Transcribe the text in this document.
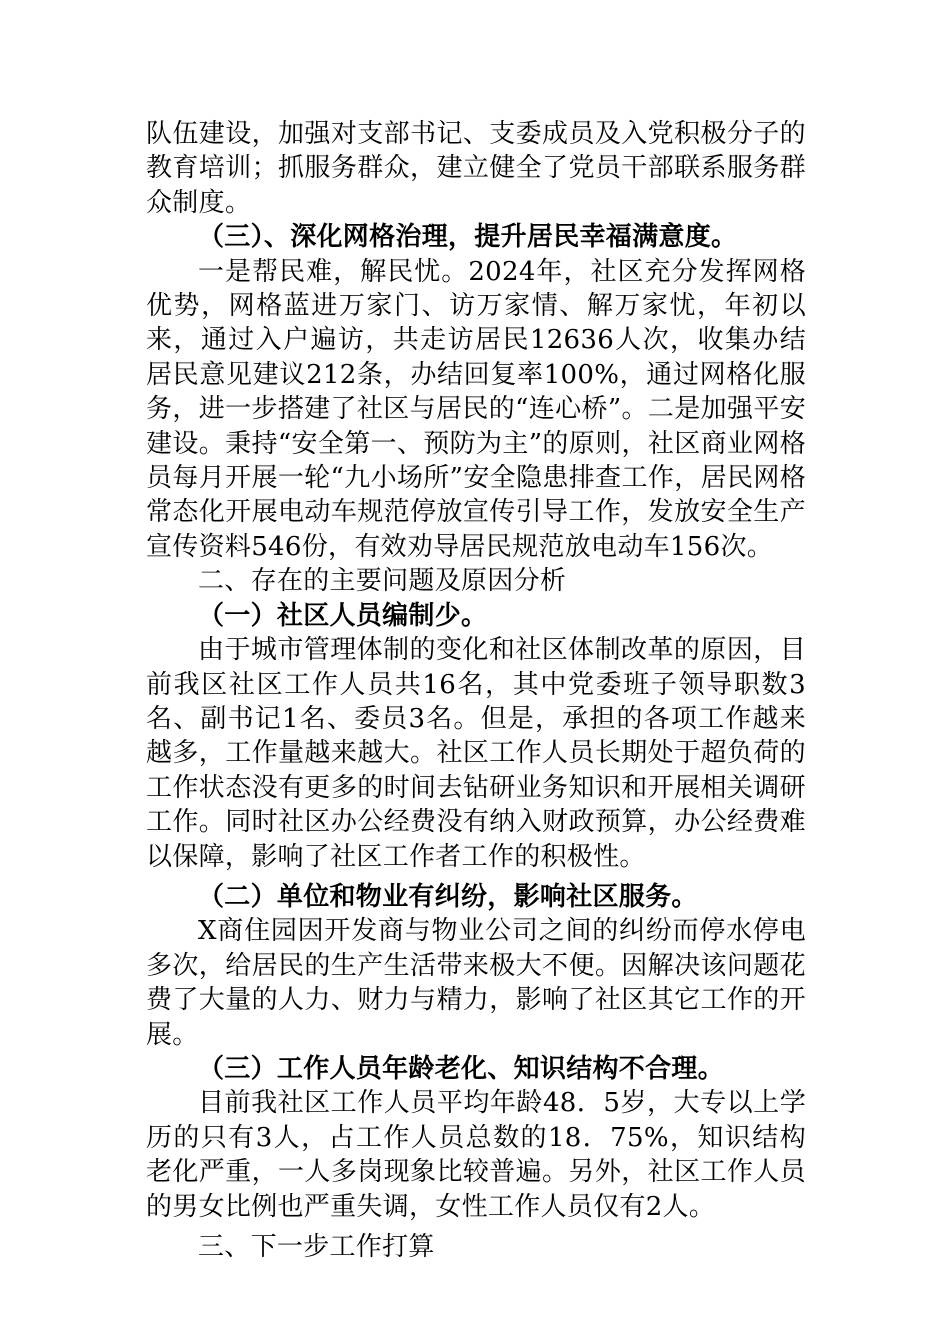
队伍建设，加强对支部书记、支委成员及入党积极分子的教育培训；抓服务群众，建立健全了党员干部联系服务群众制度。

（三）、深化网格治理，提升居民幸福满意度。

一是帮民难，解民忧。2024年，社区充分发挥网格优势，网格蓝进万家门、访万家情、解万家忧，年初以来，通过入户遍访，共走访居民12636人次，收集办结居民意见建议212条，办结回复率100%，通过网格化服务，进一步搭建了社区与居民的“连心桥”。二是加强平安建设。秉持“安全第一、预防为主”的原则，社区商业网格员每月开展一轮“九小场所”安全隐患排查工作，居民网格常态化开展电动车规范停放宣传引导工作，发放安全生产宣传资料546份，有效劝导居民规范放电动车156次。

二、存在的主要问题及原因分析

（一）社区人员编制少。

由于城市管理体制的变化和社区体制改革的原因，目前我区社区工作人员共16名，其中党委班子领导职数3名、副书记1名、委员3名。但是，承担的各项工作越来越多，工作量越来越大。社区工作人员长期处于超负荷的工作状态没有更多的时间去钻研业务知识和开展相关调研工作。同时社区办公经费没有纳入财政预算，办公经费难以保障，影响了社区工作者工作的积极性。

（二）单位和物业有纠纷，影响社区服务。

X商住园因开发商与物业公司之间的纠纷而停水停电多次，给居民的生产生活带来极大不便。因解决该问题花费了大量的人力、财力与精力，影响了社区其它工作的开展。

（三）工作人员年龄老化、知识结构不合理。

目前我社区工作人员平均年龄48．5岁，大专以上学历的只有3人，占工作人员总数的18．75%，知识结构老化严重，一人多岗现象比较普遍。另外，社区工作人员的男女比例也严重失调，女性工作人员仅有2人。

三、下一步工作打算
